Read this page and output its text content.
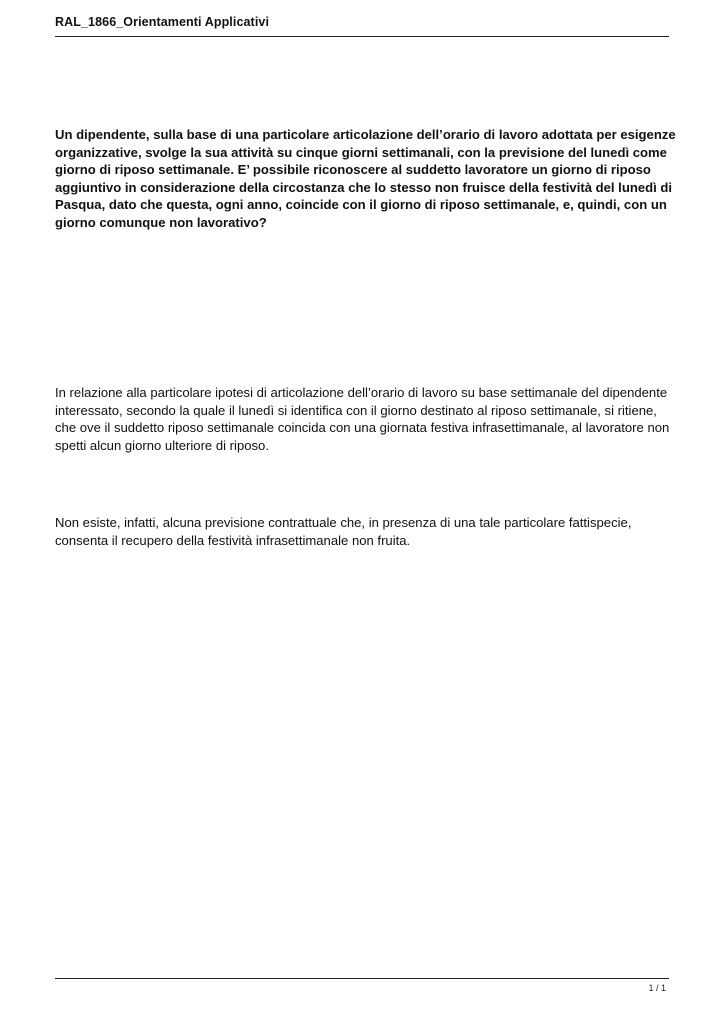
RAL_1866_Orientamenti Applicativi

Un dipendente, sulla base di una particolare articolazione dell’orario di lavoro adottata per esigenze organizzative, svolge la sua attività su cinque giorni settimanali, con la previsione del lunedì come giorno di riposo settimanale. E’ possibile riconoscere al suddetto lavoratore un giorno di riposo aggiuntivo in considerazione della circostanza che lo stesso non fruisce della festività del lunedì di Pasqua, dato che questa, ogni anno, coincide con il giorno di riposo settimanale, e, quindi, con un giorno comunque non lavorativo?

In relazione alla particolare ipotesi di articolazione dell’orario di lavoro su base settimanale del dipendente interessato, secondo la quale il lunedì si identifica con il giorno destinato al riposo settimanale, si ritiene, che ove il suddetto riposo settimanale coincida con una giornata festiva infrasettimanale, al lavoratore non spetti alcun giorno ulteriore di riposo.

Non esiste, infatti, alcuna previsione contrattuale che, in presenza di una tale particolare fattispecie, consenta il recupero della festività infrasettimanale non fruita.

1 / 1
